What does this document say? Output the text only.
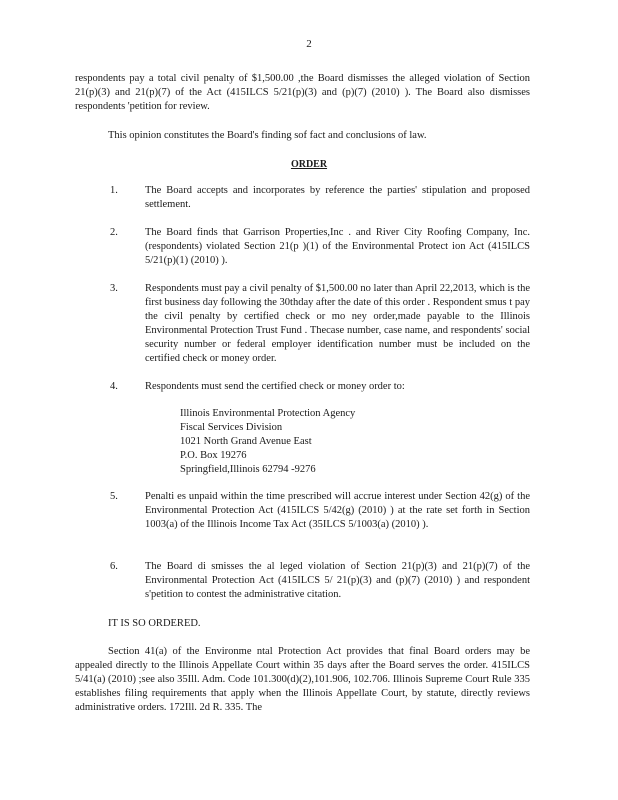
2
respondents pay a total civil penalty of $1,500.00 ,the Board dismisses the alleged violation of Section 21(p)(3) and 21(p)(7) of the Act (415ILCS 5/21(p)(3) and (p)(7) (2010) ). The Board also dismisses respondents 'petition for review.
This opinion constitutes the Board's finding sof fact and conclusions of law.
ORDER
1.	The Board accepts and incorporates by reference the parties' stipulation and proposed settlement.
2.	The Board finds that Garrison Properties,Inc . and River City Roofing Company, Inc. (respondents) violated Section 21(p )(1) of the Environmental Protect ion Act (415ILCS 5/21(p)(1) (2010) ).
3.	Respondents must pay a civil penalty of $1,500.00 no later than April 22,2013, which is the first business day following the 30thday after the date of this order . Respondent smus t pay the civil penalty by certified check or mo ney order,made payable to the Illinois Environmental Protection Trust Fund . Thecase number, case name, and respondents' social security number or federal employer identification number must be included on the certified check or money order.
4.	Respondents must send the certified check or money order to:
Illinois Environmental Protection Agency
Fiscal Services Division
1021 North Grand Avenue East
P.O. Box 19276
Springfield,Illinois 62794 -9276
5.	Penalti es unpaid within the time prescribed will accrue interest under Section 42(g) of the Environmental Protection Act (415ILCS 5/42(g) (2010) ) at the rate set forth in Section 1003(a) of the Illinois Income Tax Act (35ILCS 5/1003(a) (2010) ).
6.	The Board di smisses the al leged violation of Section 21(p)(3) and 21(p)(7) of the Environmental Protection Act (415ILCS 5/ 21(p)(3) and (p)(7) (2010) ) and respondent s'petition to contest the administrative citation.
IT IS SO ORDERED.
Section 41(a) of the Environme ntal Protection Act provides that final Board orders may be appealed directly to the Illinois Appellate Court within 35 days after the Board serves the order. 415ILCS 5/41(a) (2010) ;see also 35Ill. Adm. Code 101.300(d)(2),101.906, 102.706. Illinois Supreme Court Rule 335 establishes filing requirements that apply when the Illinois Appellate Court, by statute, directly reviews administrative orders. 172Ill. 2d R. 335. The
